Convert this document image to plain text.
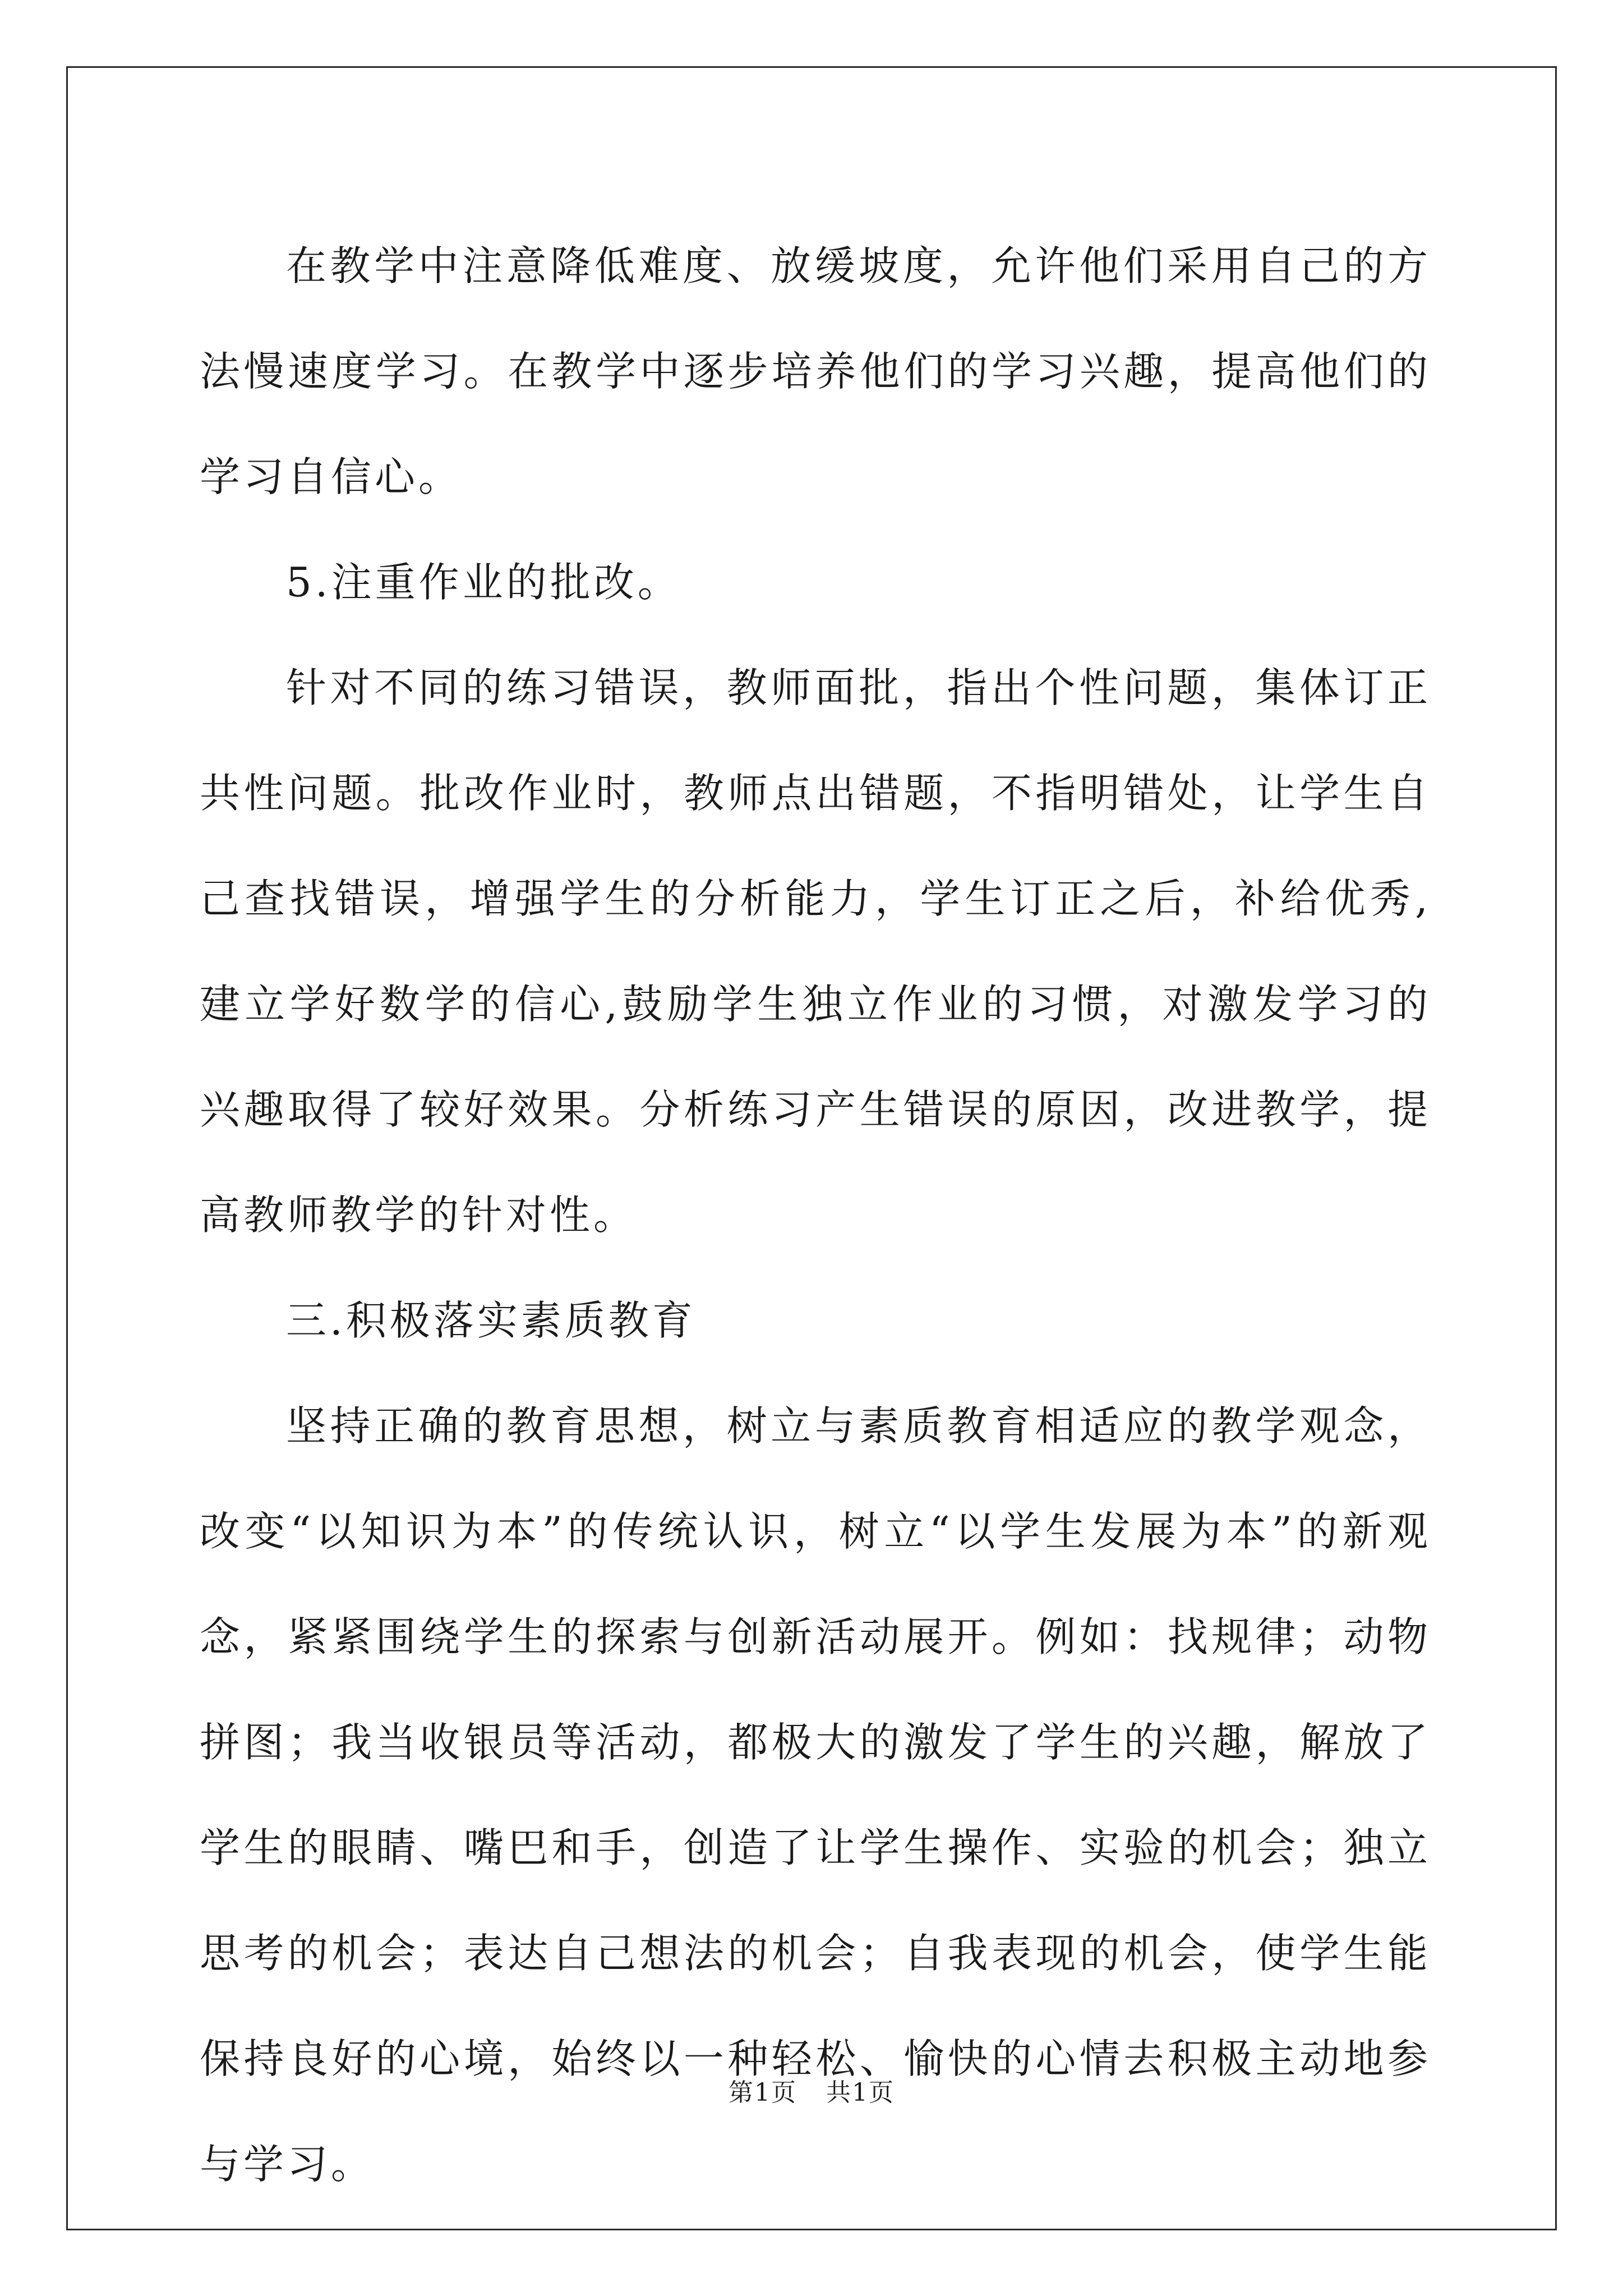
在教学中注意降低难度、放缓坡度，允许他们采用自己的方法慢速度学习。在教学中逐步培养他们的学习兴趣，提高他们的学习自信心。

5.注重作业的批改。

针对不同的练习错误，教师面批，指出个性问题，集体订正共性问题。批改作业时，教师点出错题，不指明错处，让学生自己查找错误，增强学生的分析能力，学生订正之后，补给优秀,建立学好数学的信心,鼓励学生独立作业的习惯，对激发学习的兴趣取得了较好效果。分析练习产生错误的原因，改进教学，提高教师教学的针对性。

三.积极落实素质教育

坚持正确的教育思想，树立与素质教育相适应的教学观念，改变“以知识为本”的传统认识，树立“以学生发展为本”的新观念，紧紧围绕学生的探索与创新活动展开。例如：找规律；动物拼图；我当收银员等活动，都极大的激发了学生的兴趣，解放了学生的眼睛、嘴巴和手，创造了让学生操作、实验的机会；独立思考的机会；表达自己想法的机会；自我表现的机会，使学生能保持良好的心境，始终以一种轻松、愉快的心情去积极主动地参与学习。

第1页 共1页
